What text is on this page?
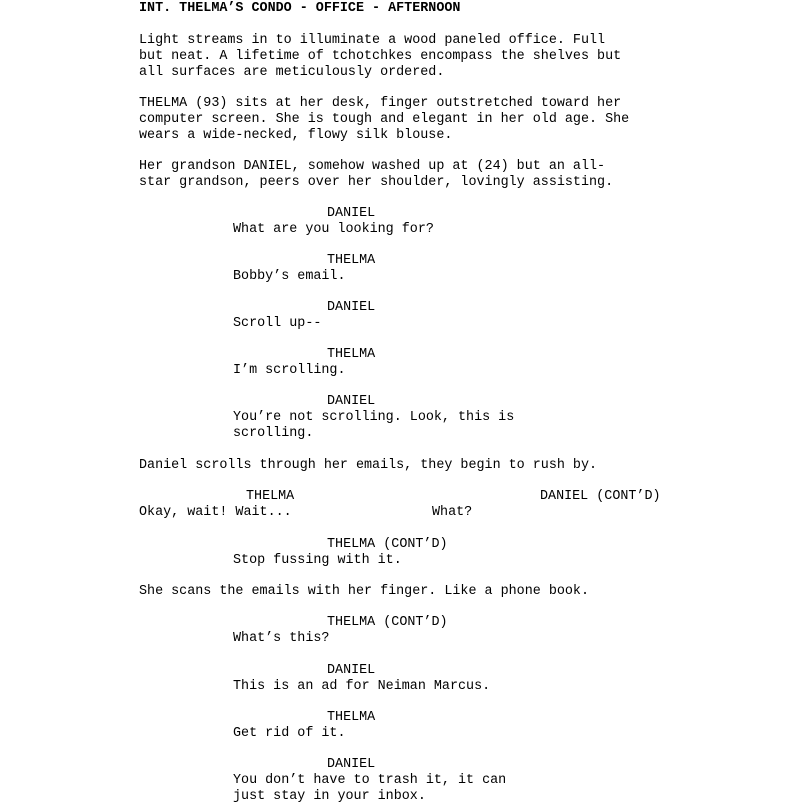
INT. THELMA’S CONDO - OFFICE - AFTERNOON
Light streams in to illuminate a wood paneled office. Full
but neat. A lifetime of tchotchkes encompass the shelves but
all surfaces are meticulously ordered.
THELMA (93) sits at her desk, finger outstretched toward her
computer screen. She is tough and elegant in her old age. She
wears a wide-necked, flowy silk blouse.
Her grandson DANIEL, somehow washed up at (24) but an all-
star grandson, peers over her shoulder, lovingly assisting.
DANIEL
What are you looking for?
THELMA
Bobby’s email.
DANIEL
Scroll up--
THELMA
I’m scrolling.
DANIEL
You’re not scrolling. Look, this is
scrolling.
Daniel scrolls through her emails, they begin to rush by.
THELMA	DANIEL (CONT’D)
Okay, wait! Wait...	What?
THELMA (CONT’D)
Stop fussing with it.
She scans the emails with her finger. Like a phone book.
THELMA (CONT’D)
What’s this?
DANIEL
This is an ad for Neiman Marcus.
THELMA
Get rid of it.
DANIEL
You don’t have to trash it, it can
just stay in your inbox.
